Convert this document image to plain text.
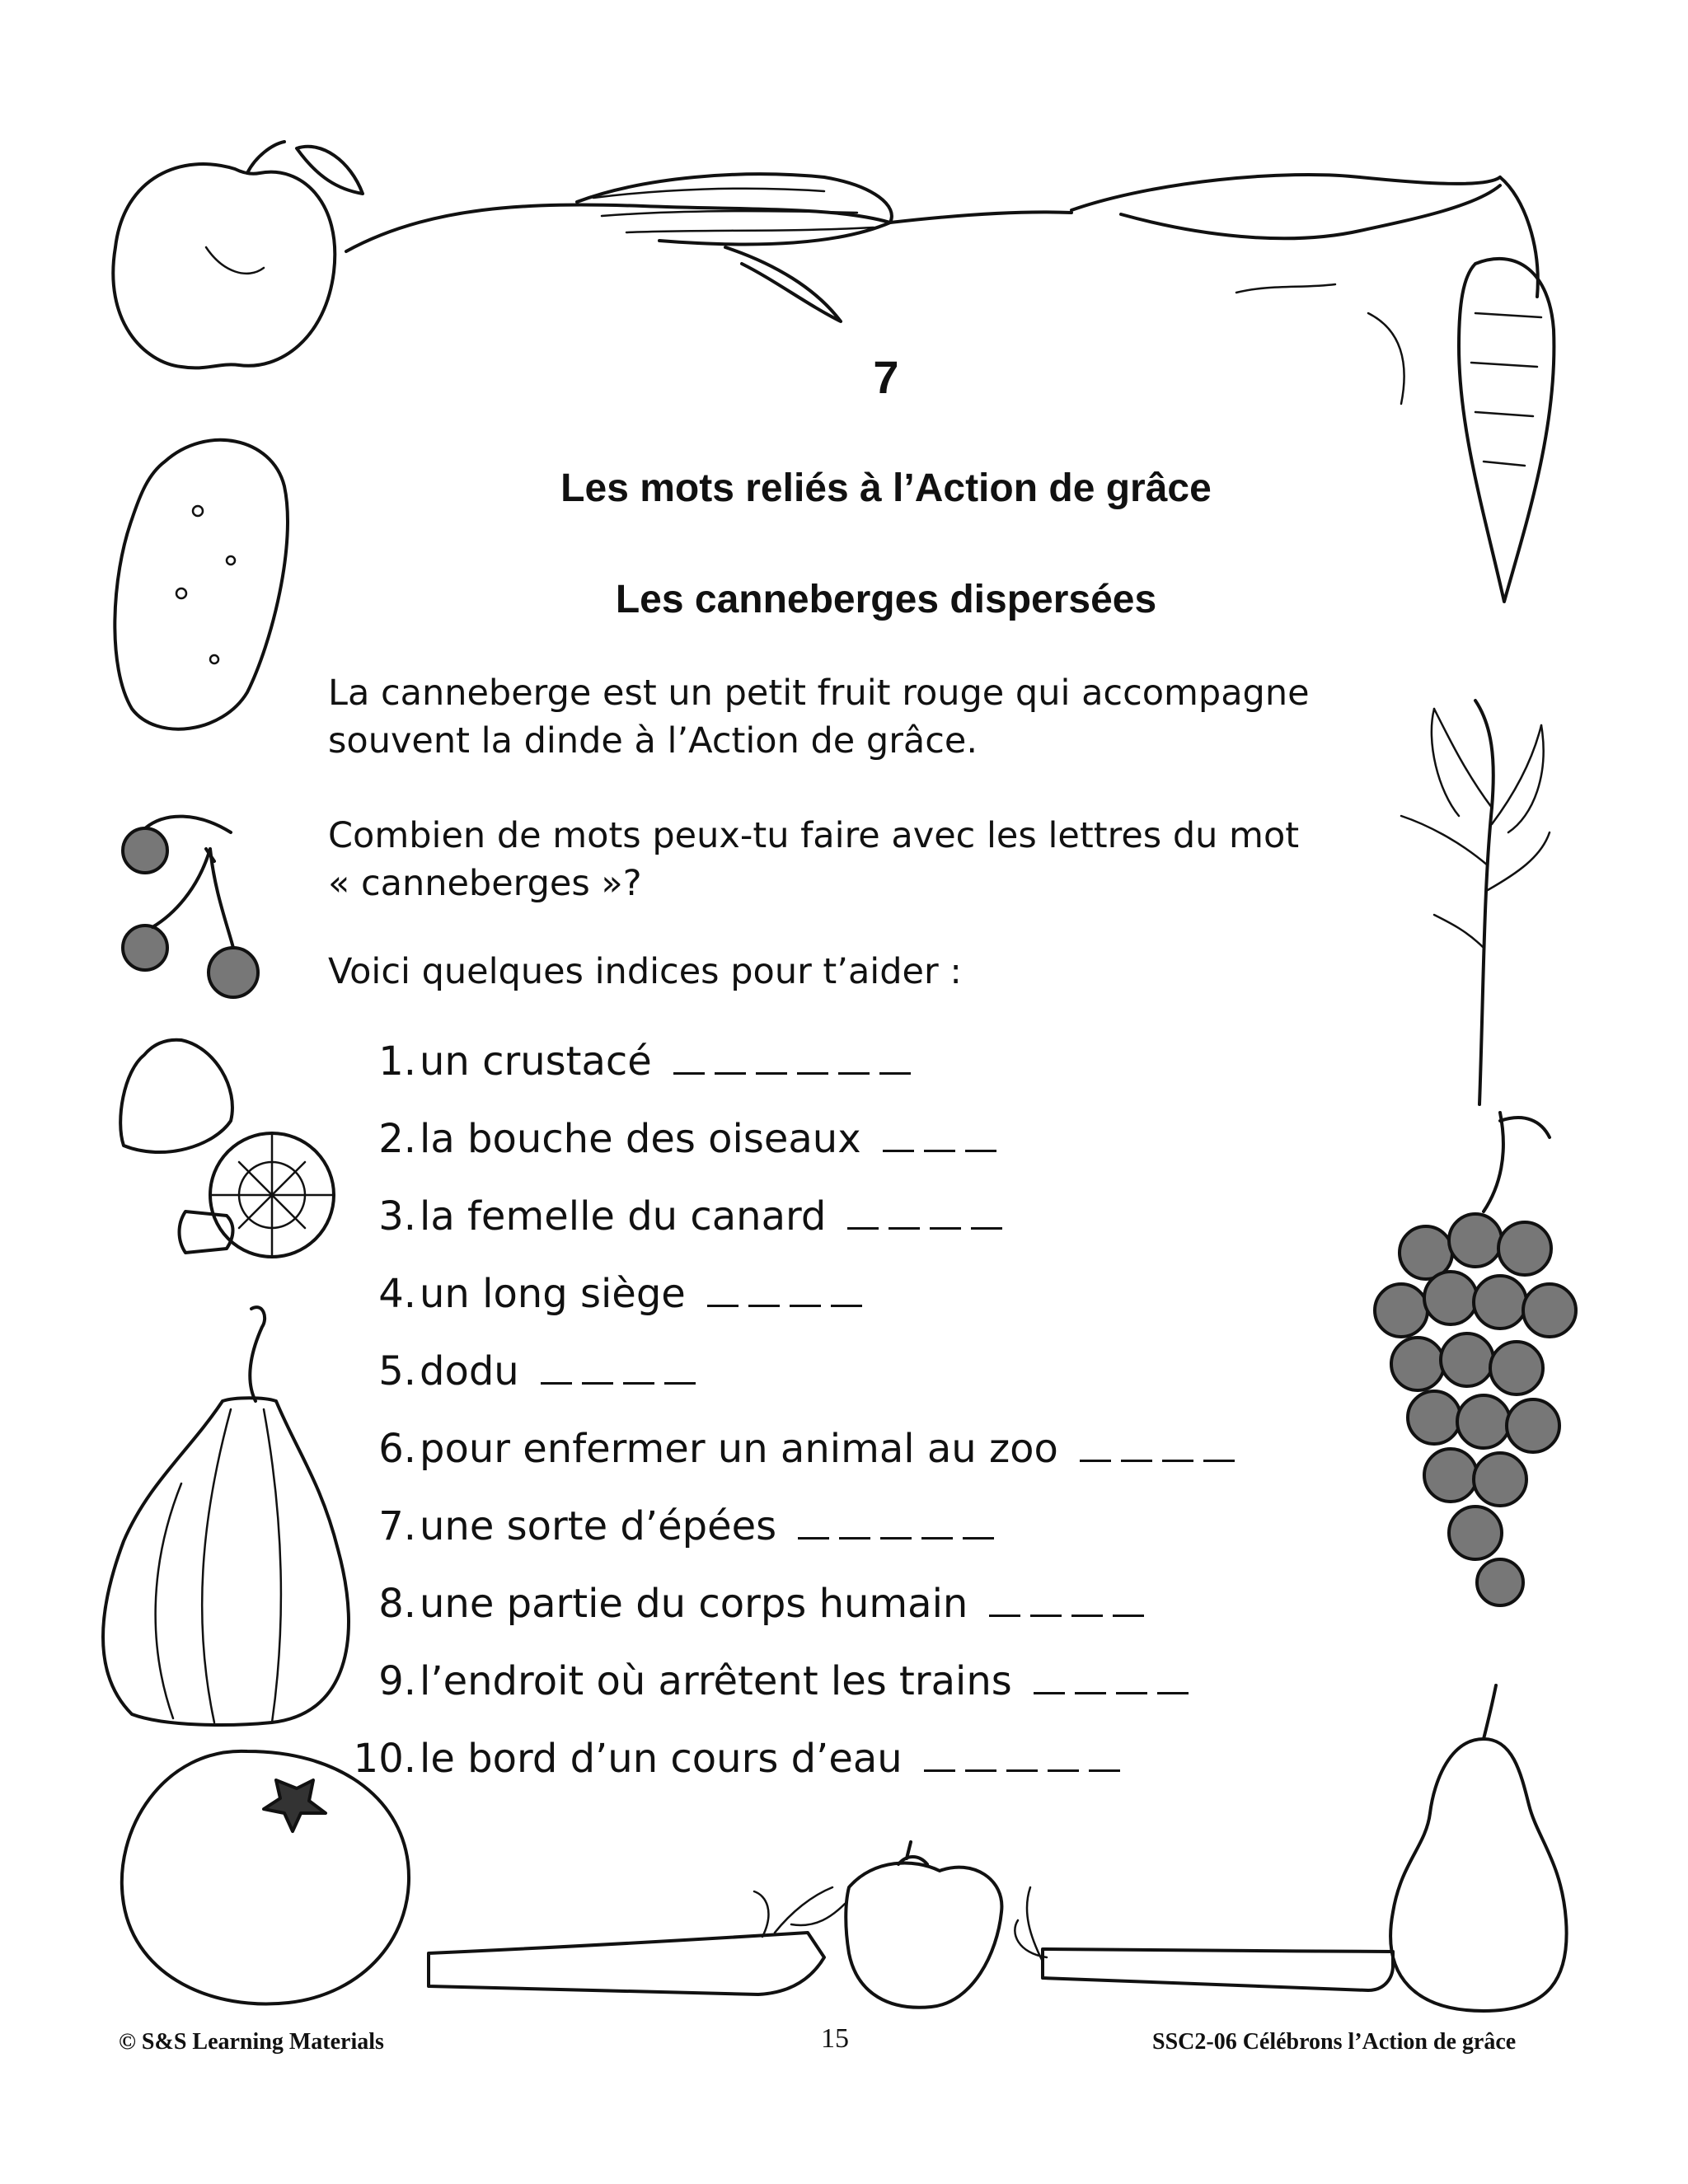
7
Les mots reliés à l’Action de grâce
Les canneberges dispersées
La canneberge est un petit fruit rouge qui accompagne
souvent la dinde à l’Action de grâce.
Combien de mots peux-tu faire avec les lettres du mot
« canneberges »?
Voici quelques indices pour t’aider :
1. un crustacé
2. la bouche des oiseaux
3. la femelle du canard
4. un long siège
5. dodu
6. pour enfermer un animal au zoo
7. une sorte d’épées
8. une partie du corps humain
9. l’endroit où arrêtent les trains
10. le bord d’un cours d’eau
© S&S Learning Materials	15	SSC2-06 Célébrons l’Action de grâce
